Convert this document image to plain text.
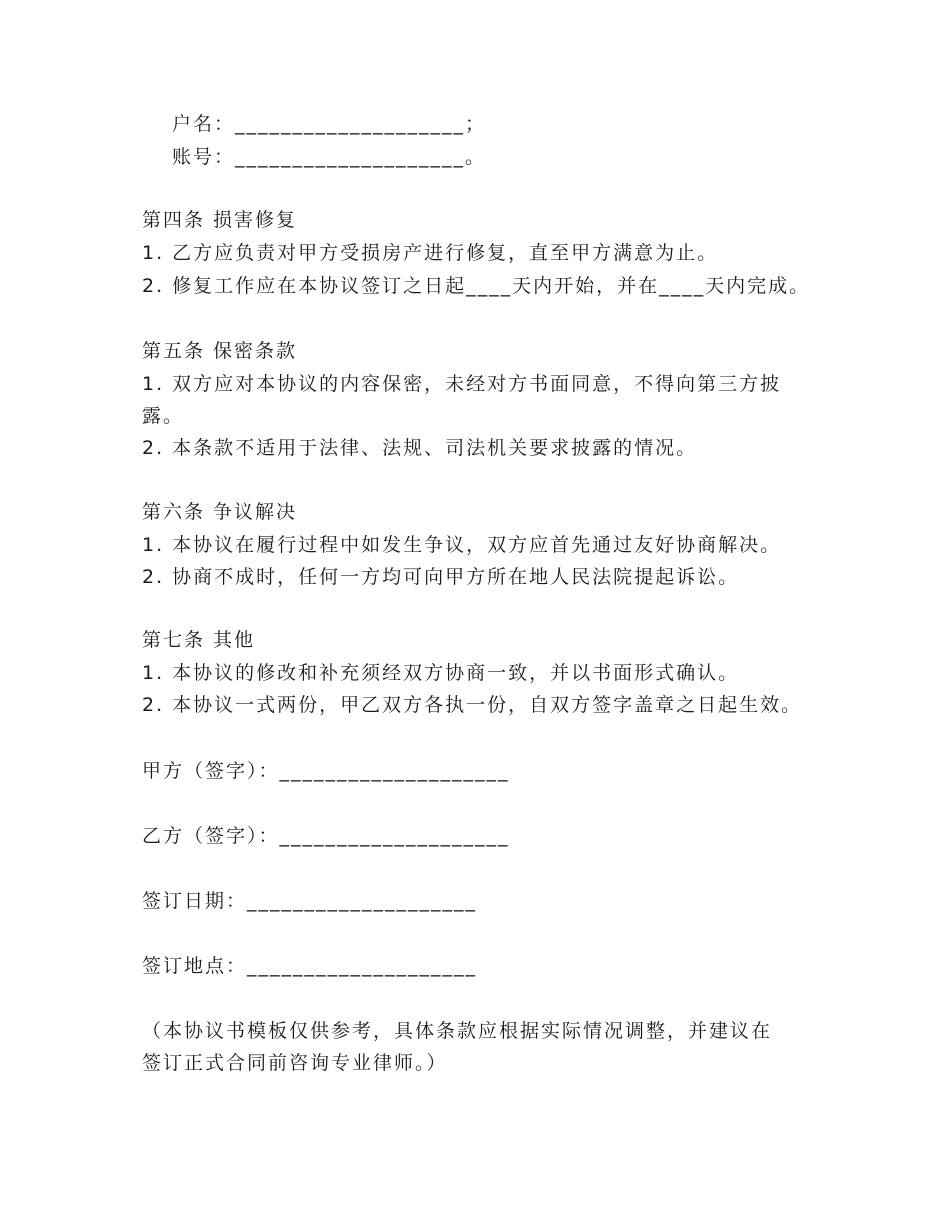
户名：____________________；
账号：____________________。
第四条 损害修复
1. 乙方应负责对甲方受损房产进行修复，直至甲方满意为止。
2. 修复工作应在本协议签订之日起____天内开始，并在____天内完成。
第五条 保密条款
1. 双方应对本协议的内容保密，未经对方书面同意，不得向第三方披
露。
2. 本条款不适用于法律、法规、司法机关要求披露的情况。
第六条 争议解决
1. 本协议在履行过程中如发生争议，双方应首先通过友好协商解决。
2. 协商不成时，任何一方均可向甲方所在地人民法院提起诉讼。
第七条 其他
1. 本协议的修改和补充须经双方协商一致，并以书面形式确认。
2. 本协议一式两份，甲乙双方各执一份，自双方签字盖章之日起生效。
甲方（签字）：____________________
乙方（签字）：____________________
签订日期：____________________
签订地点：____________________
（本协议书模板仅供参考，具体条款应根据实际情况调整，并建议在
签订正式合同前咨询专业律师。）
